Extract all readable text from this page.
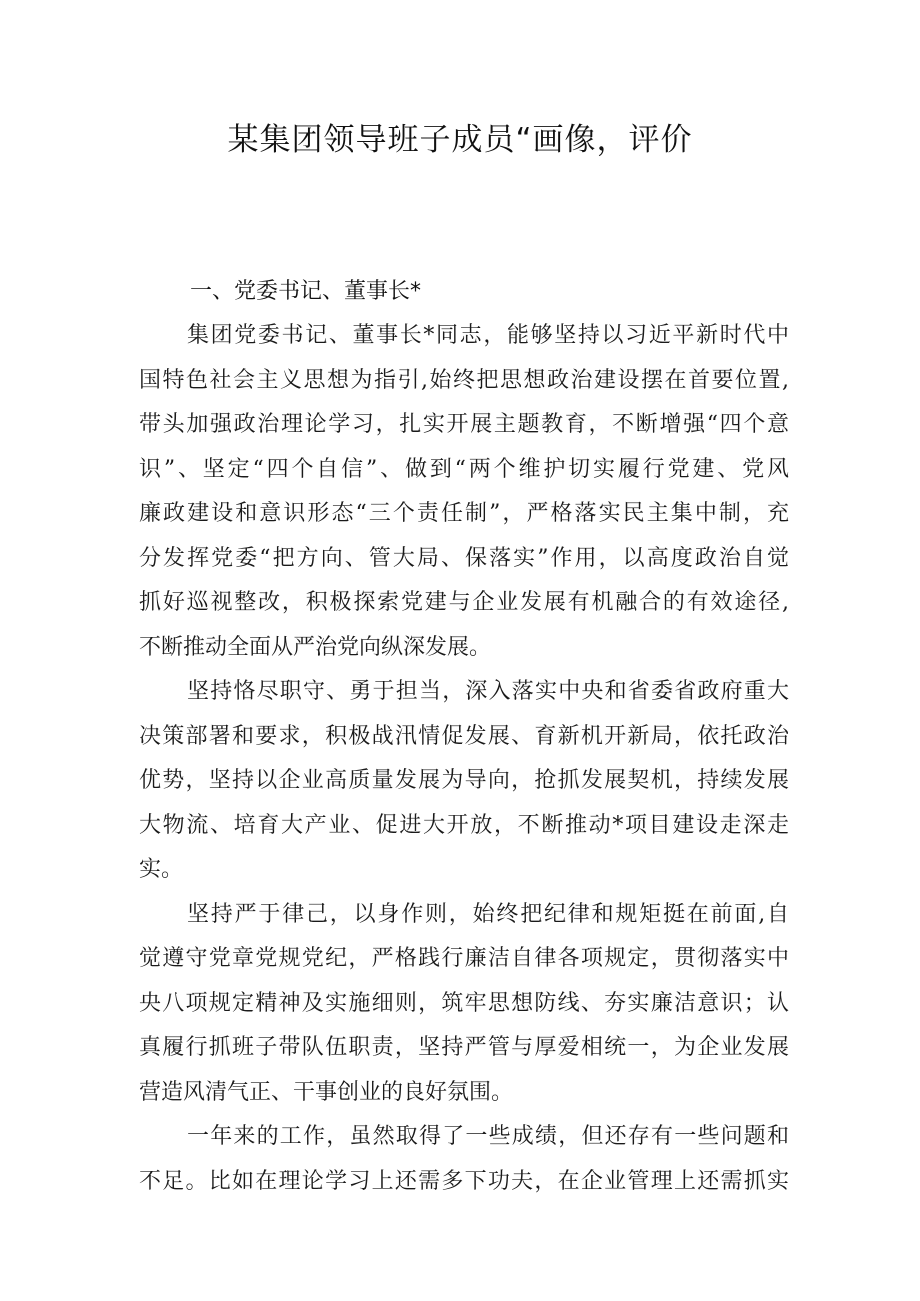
某集团领导班子成员“画像，评价
一、党委书记、董事长*
集团党委书记、董事长*同志，能够坚持以习近平新时代中
国特色社会主义思想为指引,始终把思想政治建设摆在首要位置,
带头加强政治理论学习，扎实开展主题教育，不断增强“四个意
识”、坚定“四个自信”、做到“两个维护切实履行党建、党风
廉政建设和意识形态“三个责任制”，严格落实民主集中制，充
分发挥党委“把方向、管大局、保落实”作用，以高度政治自觉
抓好巡视整改，积极探索党建与企业发展有机融合的有效途径,
不断推动全面从严治党向纵深发展。
坚持恪尽职守、勇于担当，深入落实中央和省委省政府重大
决策部署和要求，积极战汛情促发展、育新机开新局，依托政治
优势，坚持以企业高质量发展为导向，抢抓发展契机，持续发展
大物流、培育大产业、促进大开放，不断推动*项目建设走深走
实。
坚持严于律己，以身作则，始终把纪律和规矩挺在前面,自
觉遵守党章党规党纪，严格践行廉洁自律各项规定，贯彻落实中
央八项规定精神及实施细则，筑牢思想防线、夯实廉洁意识；认
真履行抓班子带队伍职责，坚持严管与厚爱相统一，为企业发展
营造风清气正、干事创业的良好氛围。
一年来的工作，虽然取得了一些成绩，但还存有一些问题和
不足。比如在理论学习上还需多下功夫，在企业管理上还需抓实
